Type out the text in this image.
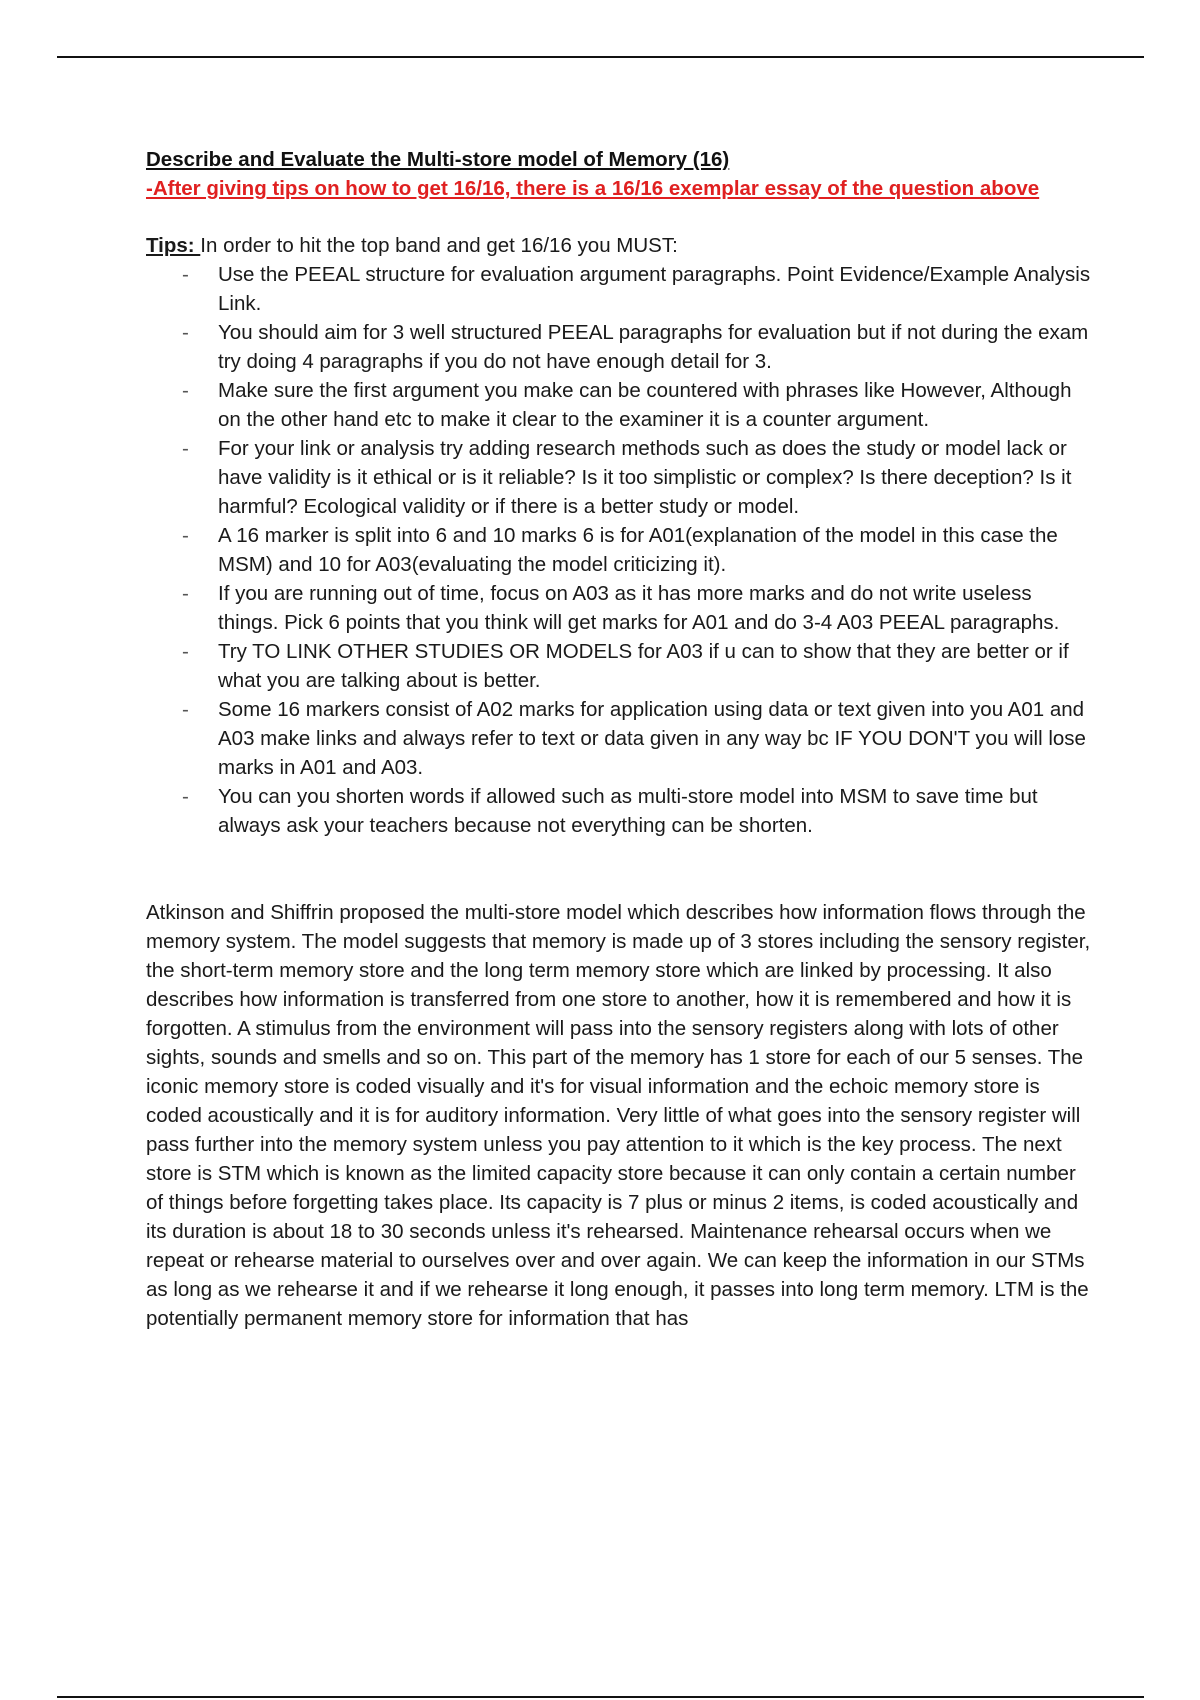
Describe and Evaluate the Multi-store model of Memory (16)

-After giving tips on how to get 16/16, there is a 16/16 exemplar essay of the question above

Tips: In order to hit the top band and get 16/16 you MUST:

- Use the PEEAL structure for evaluation argument paragraphs. Point Evidence/Example Analysis Link.
- You should aim for 3 well structured PEEAL paragraphs for evaluation but if not during the exam try doing 4 paragraphs if you do not have enough detail for 3.
- Make sure the first argument you make can be countered with phrases like However, Although on the other hand etc to make it clear to the examiner it is a counter argument.
- For your link or analysis try adding research methods such as does the study or model lack or have validity is it ethical or is it reliable? Is it too simplistic or complex? Is there deception? Is it harmful? Ecological validity or if there is a better study or model.
- A 16 marker is split into 6 and 10 marks 6 is for A01(explanation of the model in this case the MSM) and 10 for A03(evaluating the model criticizing it).
- If you are running out of time, focus on A03 as it has more marks and do not write useless things. Pick 6 points that you think will get marks for A01 and do 3-4 A03 PEEAL paragraphs.
- Try TO LINK OTHER STUDIES OR MODELS for A03 if u can to show that they are better or if what you are talking about is better.
- Some 16 markers consist of A02 marks for application using data or text given into you A01 and A03 make links and always refer to text or data given in any way bc IF YOU DON'T you will lose marks in A01 and A03.
- You can you shorten words if allowed such as multi-store model into MSM to save time but always ask your teachers because not everything can be shorten.

Atkinson and Shiffrin proposed the multi-store model which describes how information flows through the memory system. The model suggests that memory is made up of 3 stores including the sensory register, the short-term memory store and the long term memory store which are linked by processing. It also describes how information is transferred from one store to another, how it is remembered and how it is forgotten. A stimulus from the environment will pass into the sensory registers along with lots of other sights, sounds and smells and so on. This part of the memory has 1 store for each of our 5 senses. The iconic memory store is coded visually and it's for visual information and the echoic memory store is coded acoustically and it is for auditory information. Very little of what goes into the sensory register will pass further into the memory system unless you pay attention to it which is the key process. The next store is STM which is known as the limited capacity store because it can only contain a certain number of things before forgetting takes place. Its capacity is 7 plus or minus 2 items, is coded acoustically and its duration is about 18 to 30 seconds unless it's rehearsed. Maintenance rehearsal occurs when we repeat or rehearse material to ourselves over and over again. We can keep the information in our STMs as long as we rehearse it and if we rehearse it long enough, it passes into long term memory. LTM is the potentially permanent memory store for information that has
